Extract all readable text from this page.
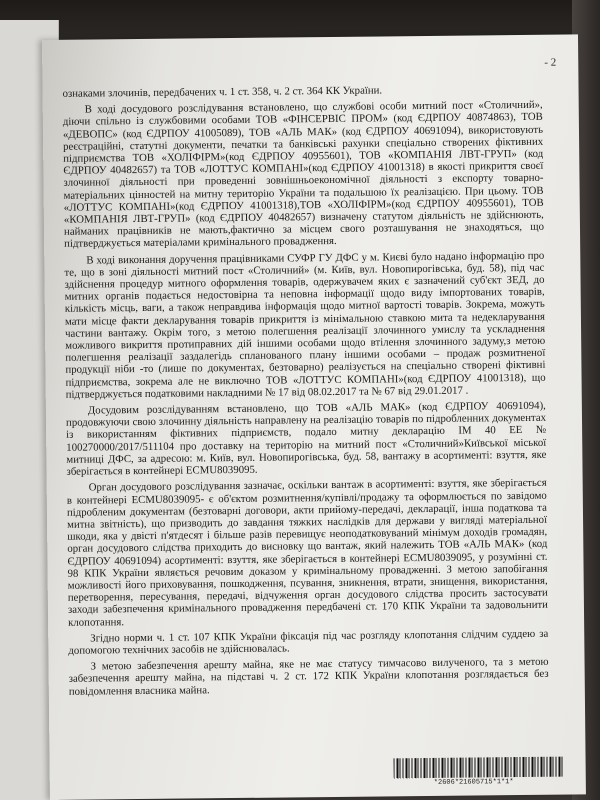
- 2

ознаками злочинів, передбачених ч. 1 ст. 358, ч. 2 ст. 364 КК України.

В ході досудового розслідування встановлено, що службові особи митний пост «Столичний», діючи спільно із службовими особами ТОВ «ФІНСЕРВІС ПРОМ» (код ЄДРПОУ 40874863), ТОВ «ДЕВОПС» (код ЄДРПОУ 41005089), ТОВ «АЛЬ МАК» (код ЄДРПОУ 40691094), використовують реєстраційні, статутні документи, печатки та банківські рахунки спеціально створених фіктивних підприємства ТОВ «ХОЛІФІРМ»(код ЄДРПОУ 40955601), ТОВ «КОМПАНІЯ ЛВТ-ГРУП» (код ЄДРПОУ 40482657) та ТОВ «ЛОТТУС КОМПАНІ»(код ЄДРПОУ 41001318) в якості прикриття своєї злочинної діяльності при проведенні зовнішньоекономічної діяльності з експорту товарно-матеріальних цінностей на митну територію України та подальшою їх реалізацією. При цьому. ТОВ «ЛОТТУС КОМПАНІ»(код ЄДРПОУ 41001318),ТОВ «ХОЛІФІРМ»(код ЄДРПОУ 40955601), ТОВ «КОМПАНІЯ ЛВТ-ГРУП» (код ЄДРПОУ 40482657) визначену статутом діяльність не здійснюють, найманих працівників не мають,фактично за місцем свого розташування не знаходяться, що підтверджується матеріалами кримінального провадження.

В ході виконання доручення працівниками СУФР ГУ ДФС у м. Києві було надано інформацію про те, що в зоні діяльності митний пост «Столичний» (м. Київ, вул. Новопирогівська, буд. 58), під час здійснення процедур митного оформлення товарів, одержувачем яких є зазначений суб'єкт ЗЕД, до митних органів подається недостовірна та неповна інформації щодо виду імпортованих товарів, кількість місць, ваги, а також неправдива інформація щодо митної вартості товарів. Зокрема, можуть мати місце факти декларування товарів прикриття із мінімальною ставкою мита та недекларування частини вантажу. Окрім того, з метою полегшення реалізації злочинного умислу та ускладнення можливого викриття протиправних дій іншими особами щодо втілення злочинного задуму,з метою полегшення реалізації заздалегідь спланованого плану іншими особами – продаж розмитненої продукції ніби -то (лише по документах, безтоварно) реалізується на спеціально створені фіктивні підприємства, зокрема але не виключно ТОВ «ЛОТТУС КОМПАНІ»(код ЄДРПОУ 41001318), що підтверджується податковими накладними № 17 від 08.02.2017 та № 67 від 29.01.2017 .

Досудовим розслідуванням встановлено, що ТОВ «АЛЬ МАК» (код ЄДРПОУ 40691094), продовжуючи свою злочинну діяльність направлену на реалізацію товарів по підробленних документах із використанням фіктивних підприємств, подало митну декларацію ІМ 40 ЕЕ № 100270000/2017/511104 про доставку на територію на митний пост «Столичний»Київської міської митниці ДФС, за адресою: м. Київ, вул. Новопирогівська, буд. 58, вантажу в асортименті: взуття, яке зберігається в контейнері ECMU8039095.

Орган досудового розслідування зазначає, оскільки вантаж в асортименті: взуття, яке зберігається в контейнері ECMU8039095- є об'єктом розмитнення/купівлі/продажу та оформлюється по завідомо підробленим документам (безтоварні договори, акти прийому-передачі, декларації, інша податкова та митна звітність), що призводить до завдання тяжких наслідків для держави у вигляді матеріальної шкоди, яка у двісті п'ятдесят і більше разів перевищує неоподатковуваний мінімум доходів громадян, орган досудового слідства приходить до висновку що вантаж, який належить ТОВ «АЛЬ МАК» (код ЄДРПОУ 40691094) асортименті: взуття, яке зберігається в контейнері ECMU8039095, у розумінні ст. 98 КПК України являється речовим доказом у кримінальному провадженні. З метою запобігання можливості його приховування, пошкодження, псування, зникнення, втрати, знищення, використання, перетворення, пересування, передачі, відчуження орган досудового слідства просить застосувати заходи забезпечення кримінального провадження передбачені ст. 170 КПК України та задовольнити клопотання.

Згідно норми ч. 1 ст. 107 КПК України фіксація під час розгляду клопотання слідчим суддею за допомогою технічних засобів не здійснювалась.

З метою забезпечення арешту майна, яке не має статусу тимчасово вилученого, та з метою забезпечення арешту майна, на підставі ч. 2 ст. 172 КПК України клопотання розглядається без повідомлення власника майна.

*2606*21605715*1*1*
